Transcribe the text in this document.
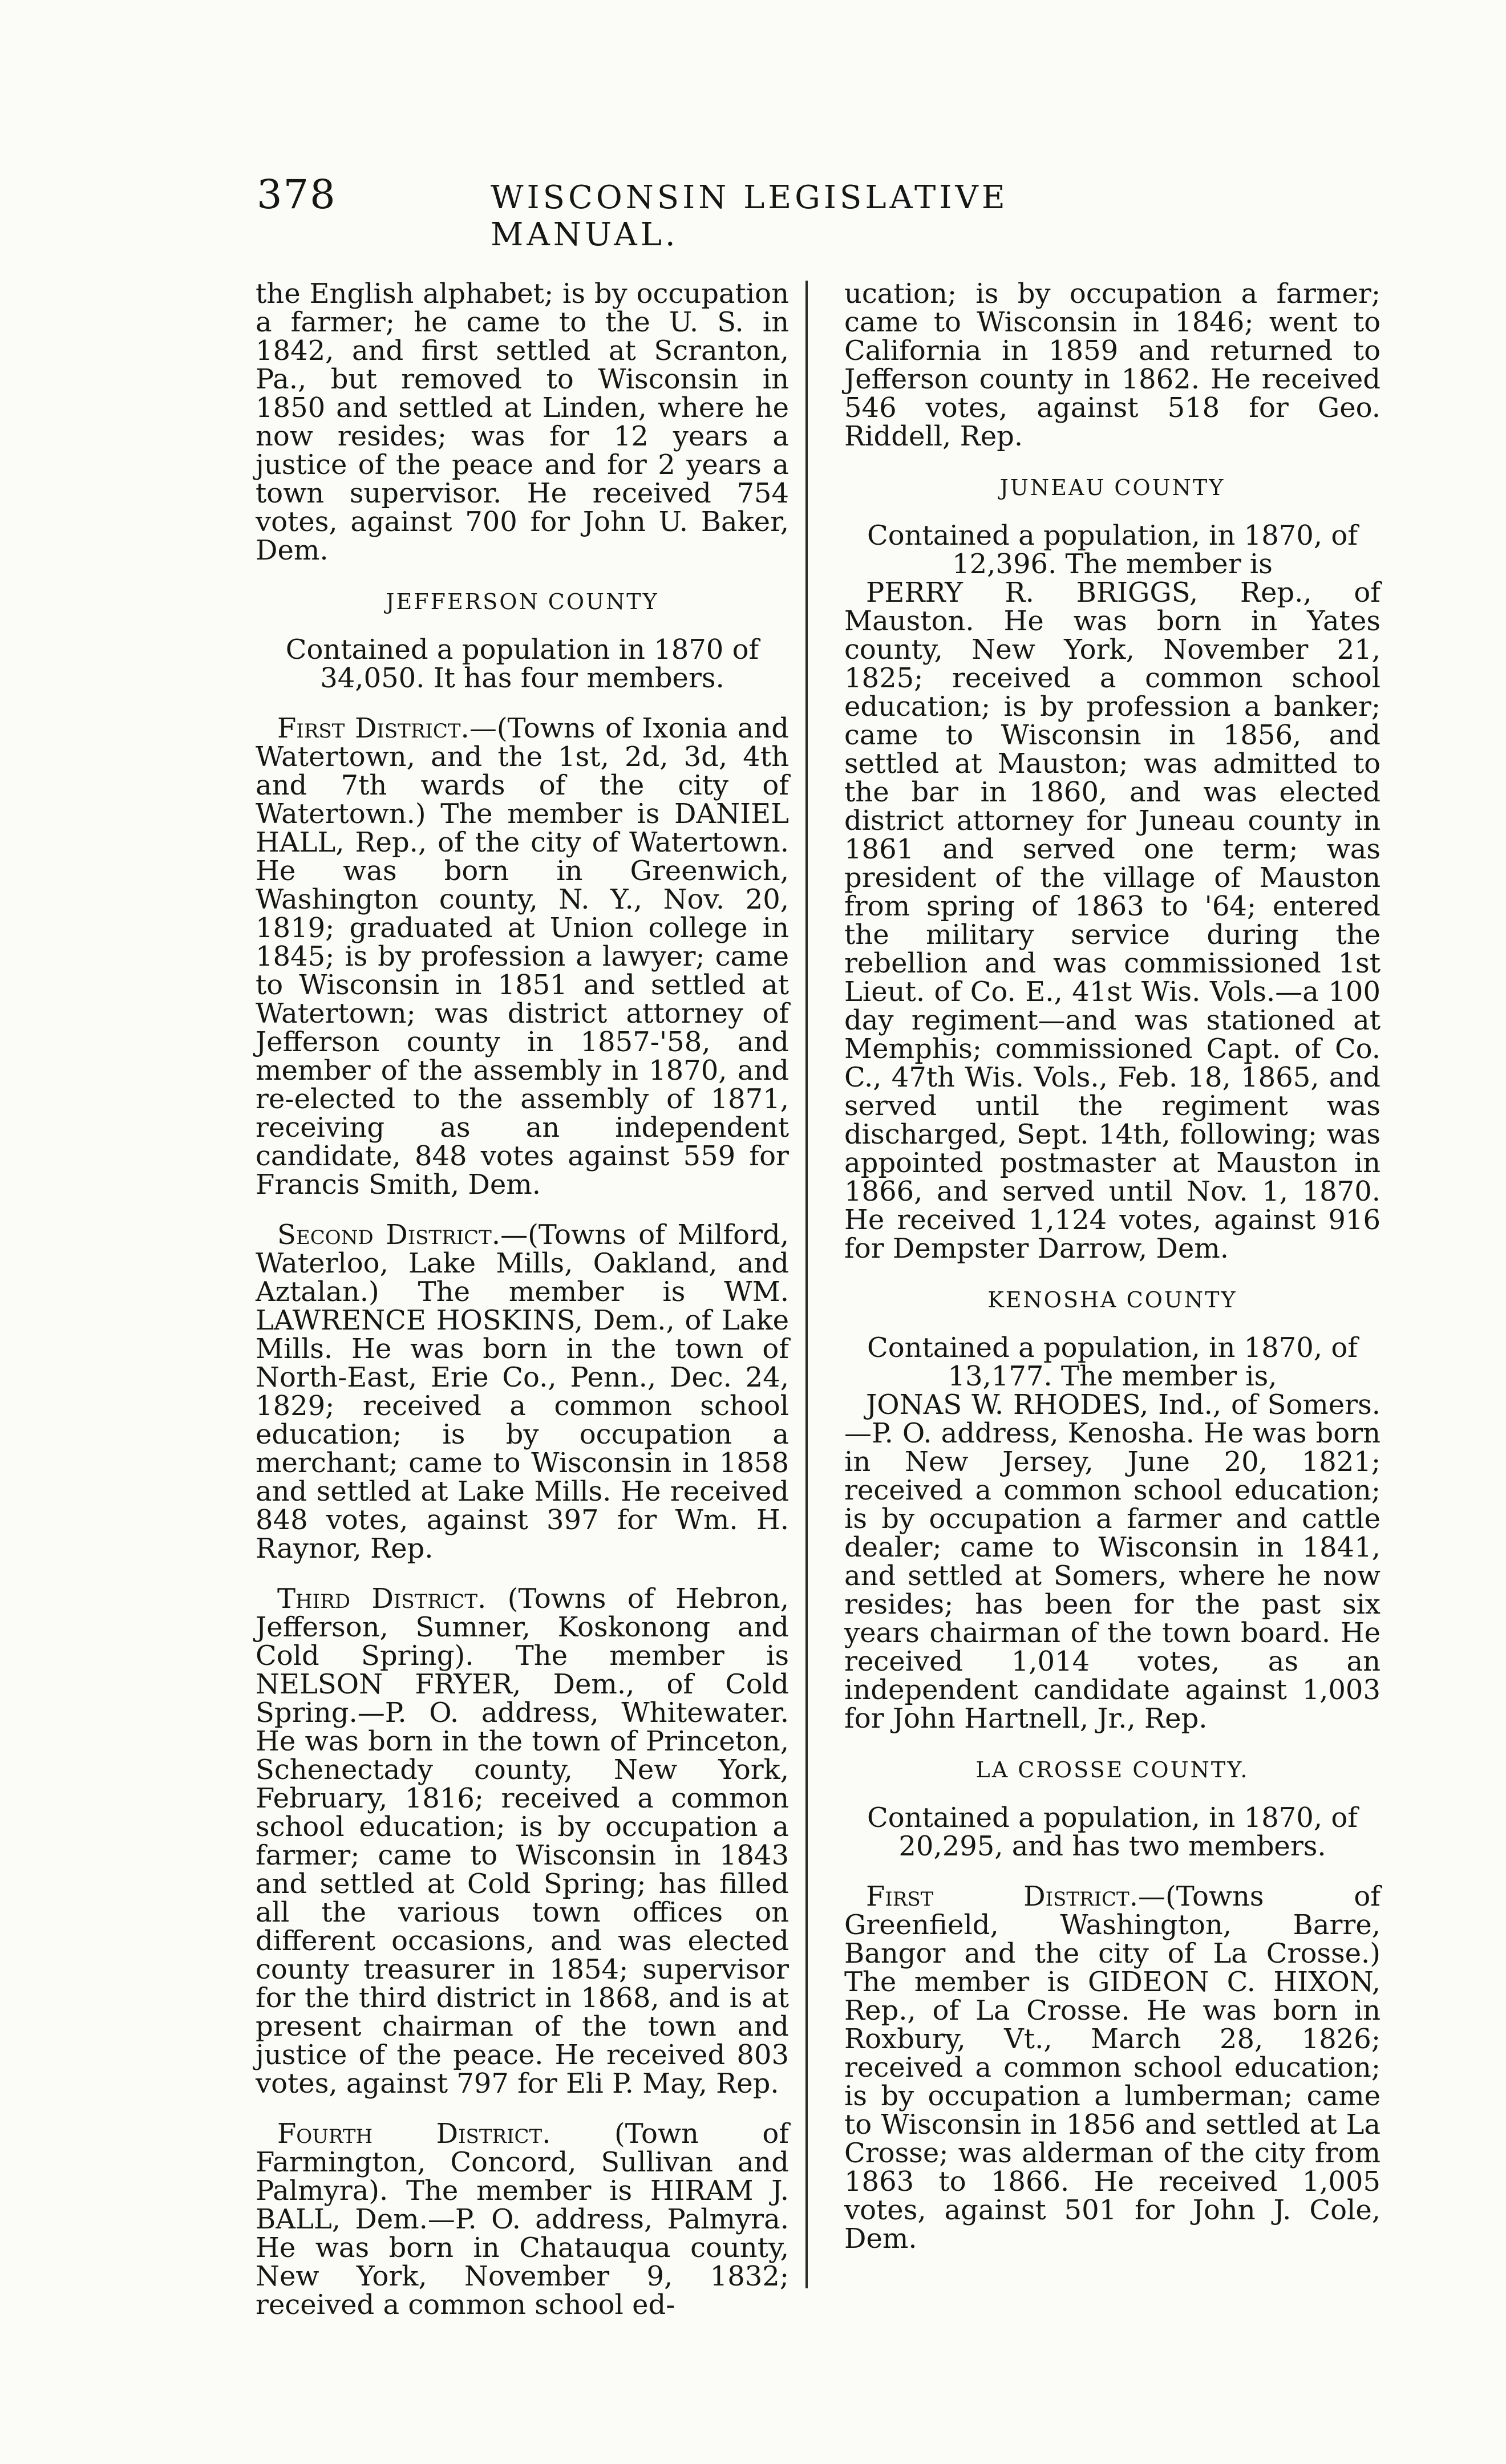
378	WISCONSIN LEGISLATIVE MANUAL.

the English alphabet; is by occupation a farmer; he came to the U. S. in 1842, and first settled at Scranton, Pa., but removed to Wisconsin in 1850 and settled at Linden, where he now resides; was for 12 years a justice of the peace and for 2 years a town supervisor. He received 754 votes, against 700 for John U. Baker, Dem.

JEFFERSON COUNTY

Contained a population in 1870 of 34,050. It has four members.

First District.—(Towns of Ixonia and Watertown, and the 1st, 2d, 3d, 4th and 7th wards of the city of Watertown.) The member is DANIEL HALL, Rep., of the city of Watertown. He was born in Greenwich, Washington county, N. Y., Nov. 20, 1819; graduated at Union college in 1845; is by profession a lawyer; came to Wisconsin in 1851 and settled at Watertown; was district attorney of Jefferson county in 1857-'58, and member of the assembly in 1870, and re-elected to the assembly of 1871, receiving as an independent candidate, 848 votes against 559 for Francis Smith, Dem.

Second District.—(Towns of Milford, Waterloo, Lake Mills, Oakland, and Aztalan.) The member is WM. LAWRENCE HOSKINS, Dem., of Lake Mills. He was born in the town of North-East, Erie Co., Penn., Dec. 24, 1829; received a common school education; is by occupation a merchant; came to Wisconsin in 1858 and settled at Lake Mills. He received 848 votes, against 397 for Wm. H. Raynor, Rep.

Third District. (Towns of Hebron, Jefferson, Sumner, Koskonong and Cold Spring). The member is NELSON FRYER, Dem., of Cold Spring.—P. O. address, Whitewater. He was born in the town of Princeton, Schenectady county, New York, February, 1816; received a common school education; is by occupation a farmer; came to Wisconsin in 1843 and settled at Cold Spring; has filled all the various town offices on different occasions, and was elected county treasurer in 1854; supervisor for the third district in 1868, and is at present chairman of the town and justice of the peace. He received 803 votes, against 797 for Eli P. May, Rep.

Fourth District. (Town of Farmington, Concord, Sullivan and Palmyra). The member is HIRAM J. BALL, Dem.—P. O. address, Palmyra. He was born in Chatauqua county, New York, November 9, 1832; received a common school ed-

ucation; is by occupation a farmer; came to Wisconsin in 1846; went to California in 1859 and returned to Jefferson county in 1862. He received 546 votes, against 518 for Geo. Riddell, Rep.

JUNEAU COUNTY

Contained a population, in 1870, of 12,396. The member is

PERRY R. BRIGGS, Rep., of Mauston. He was born in Yates county, New York, November 21, 1825; received a common school education; is by profession a banker; came to Wisconsin in 1856, and settled at Mauston; was admitted to the bar in 1860, and was elected district attorney for Juneau county in 1861 and served one term; was president of the village of Mauston from spring of 1863 to '64; entered the military service during the rebellion and was commissioned 1st Lieut. of Co. E., 41st Wis. Vols.—a 100 day regiment—and was stationed at Memphis; commissioned Capt. of Co. C., 47th Wis. Vols., Feb. 18, 1865, and served until the regiment was discharged, Sept. 14th, following; was appointed postmaster at Mauston in 1866, and served until Nov. 1, 1870. He received 1,124 votes, against 916 for Dempster Darrow, Dem.

KENOSHA COUNTY

Contained a population, in 1870, of 13,177. The member is,

JONAS W. RHODES, Ind., of Somers.—P. O. address, Kenosha. He was born in New Jersey, June 20, 1821; received a common school education; is by occupation a farmer and cattle dealer; came to Wisconsin in 1841, and settled at Somers, where he now resides; has been for the past six years chairman of the town board. He received 1,014 votes, as an independent candidate against 1,003 for John Hartnell, Jr., Rep.

LA CROSSE COUNTY.

Contained a population, in 1870, of 20,295, and has two members.

First District.—(Towns of Greenfield, Washington, Barre, Bangor and the city of La Crosse.) The member is GIDEON C. HIXON, Rep., of La Crosse. He was born in Roxbury, Vt., March 28, 1826; received a common school education; is by occupation a lumberman; came to Wisconsin in 1856 and settled at La Crosse; was alderman of the city from 1863 to 1866. He received 1,005 votes, against 501 for John J. Cole, Dem.
